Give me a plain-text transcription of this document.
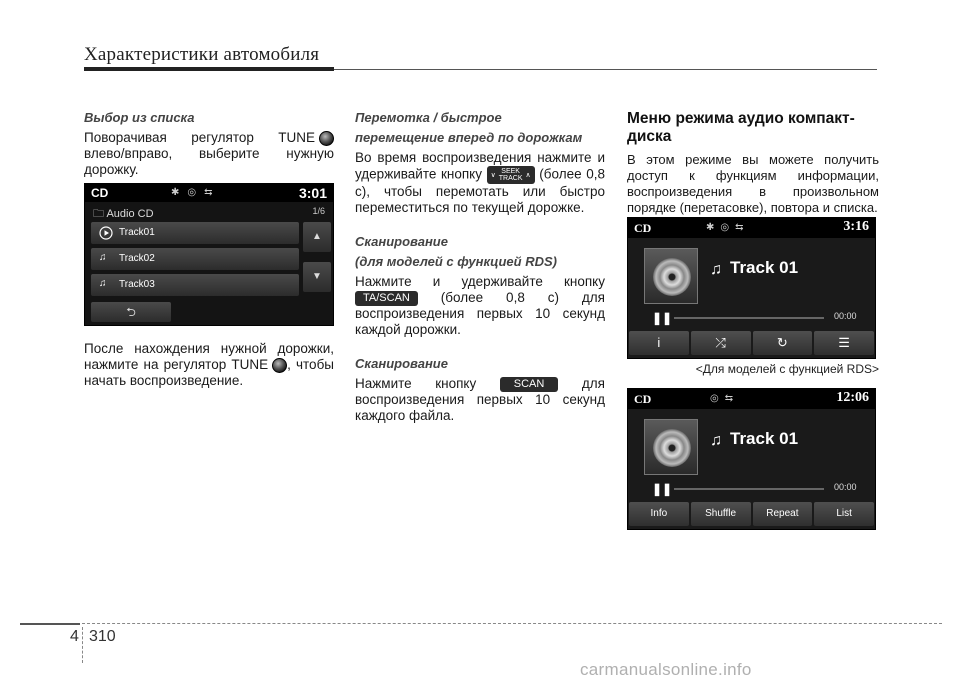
Характеристики автомобиля
Выбор из списка
Поворачивая регулятор TUNE влево/вправо, выберите нужную дорожку.
CD	✱◎⇆	3:01
🗀 Audio CD	1/6
Track01
♫	Track02
♫	Track03
▲
▼
⮌
После нахождения нужной дорожки, нажмите на регулятор TUNE , чтобы начать воспроизведение.
Перемотка / быстрое
перемещение вперед по дорожкам
Во время воспроизведения нажмите и удерживайте кнопку ∨ SEEK
TRACK ∧ (более 0,8 с), чтобы перемотать или быстро переместиться по текущей дорожке.
Сканирование
(для моделей с функцией RDS)
Нажмите и удерживайте кнопку TA/SCAN (более 0,8 с) для воспроизведения первых 10 секунд каждой дорожки.
Сканирование
Нажмите кнопку	SCAN	для воспроизведения первых 10 секунд каждого файла.
Меню режима аудио компакт-диска
В этом режиме вы можете получить доступ к функциям информации, воспроизведения в произвольном порядке (перетасовке), повтора и списка.
CD	✱◎⇆	3:16
♫ Track 01
❚❚	00:00
i	⤮	↻	☰
<Для моделей с функцией RDS>
CD	◎⇆	12:06
♫ Track 01
❚❚	00:00
Info	Shuffle	Repeat	List
4 310
carmanualsonline.info
